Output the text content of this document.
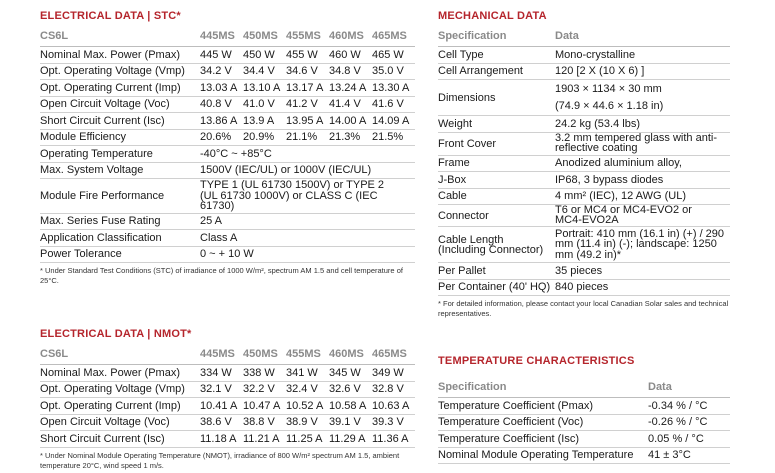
ELECTRICAL DATA | STC*
CS6L	445MS	450MS	455MS	460MS	465MS
Nominal Max. Power (Pmax)	445 W	450 W	455 W	460 W	465 W
Opt. Operating Voltage (Vmp)	34.2 V	34.4 V	34.6 V	34.8 V	35.0 V
Opt. Operating Current (Imp)	13.03 A	13.10 A	13.17 A	13.24 A	13.30 A
Open Circuit Voltage (Voc)	40.8 V	41.0 V	41.2 V	41.4 V	41.6 V
Short Circuit Current (Isc)	13.86 A	13.9 A	13.95 A	14.00 A	14.09 A
Module Efficiency	20.6%	20.9%	21.1%	21.3%	21.5%
Operating Temperature	-40°C ~ +85°C				
Max. System Voltage	1500V (IEC/UL) or 1000V (IEC/UL)				
Module Fire Performance	TYPE 1 (UL 61730 1500V) or TYPE 2 (UL 61730 1000V) or CLASS C (IEC 61730)				
Max. Series Fuse Rating	25 A				
Application Classification	Class A				
Power Tolerance	0 ~ + 10 W				
* Under Standard Test Conditions (STC) of irradiance of 1000 W/m², spectrum AM 1.5 and cell temperature of 25°C.
ELECTRICAL DATA | NMOT*
CS6L	445MS	450MS	455MS	460MS	465MS
Nominal Max. Power (Pmax)	334 W	338 W	341 W	345 W	349 W
Opt. Operating Voltage (Vmp)	32.1 V	32.2 V	32.4 V	32.6 V	32.8 V
Opt. Operating Current (Imp)	10.41 A	10.47 A	10.52 A	10.58 A	10.63 A
Open Circuit Voltage (Voc)	38.6 V	38.8 V	38.9 V	39.1 V	39.3 V
Short Circuit Current (Isc)	11.18 A	11.21 A	11.25 A	11.29 A	11.36 A
* Under Nominal Module Operating Temperature (NMOT), irradiance of 800 W/m² spectrum AM 1.5, ambient temperature 20°C, wind speed 1 m/s.
MECHANICAL DATA
Specification	Data
Cell Type	Mono-crystalline
Cell Arrangement	120 [2 X (10 X 6) ]
Dimensions	1903 × 1134 × 30 mm
(74.9 × 44.6 × 1.18 in)

Weight	24.2 kg (53.4 lbs)
Front Cover	3.2 mm tempered glass with anti-reflective coating
Frame	Anodized aluminium alloy,
J-Box	IP68, 3 bypass diodes
Cable	4 mm² (IEC), 12 AWG (UL)
Connector	T6 or MC4 or MC4-EVO2 or MC4-EVO2A
Cable Length (Including Connector)	Portrait: 410 mm (16.1 in) (+) / 290 mm (11.4 in) (-); landscape: 1250 mm (49.2 in)*
Per Pallet	35 pieces
Per Container (40' HQ)	840 pieces
* For detailed information, please contact your local Canadian Solar sales and technical representatives.
TEMPERATURE CHARACTERISTICS
Specification	Data
Temperature Coefficient (Pmax)	-0.34 % / °C
Temperature Coefficient (Voc)	-0.26 % / °C
Temperature Coefficient (Isc)	0.05 % / °C
Nominal Module Operating Temperature	41 ± 3°C
